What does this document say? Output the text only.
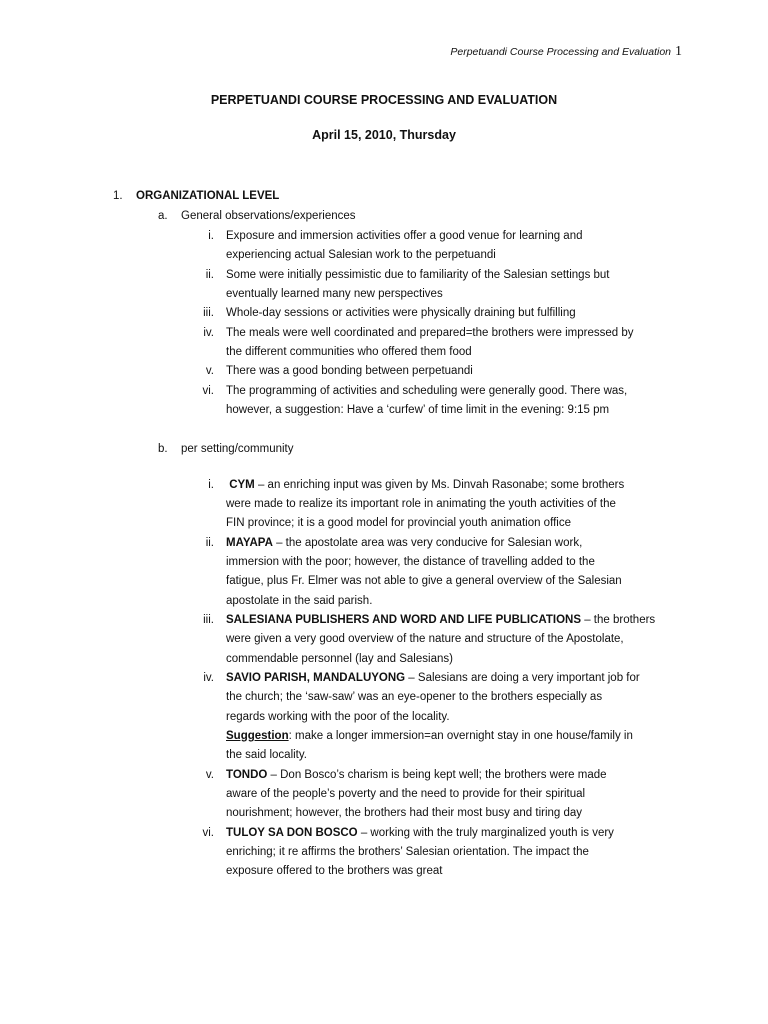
Perpetuandi Course Processing and Evaluation 1
PERPETUANDI COURSE PROCESSING AND EVALUATION
April 15, 2010, Thursday
1. ORGANIZATIONAL LEVEL
a. General observations/experiences
i. Exposure and immersion activities offer a good venue for learning and
experiencing actual Salesian work to the perpetuandi
ii. Some were initially pessimistic due to familiarity of the Salesian settings but
eventually learned many new perspectives
iii. Whole-day sessions or activities were physically draining but fulfilling
iv. The meals were well coordinated and prepared=the brothers were impressed by
the different communities who offered them food
v. There was a good bonding between perpetuandi
vi. The programming of activities and scheduling were generally good. There was,
however, a suggestion: Have a ‘curfew’ of time limit in the evening: 9:15 pm
b. per setting/community
i. CYM – an enriching input was given by Ms. Dinvah Rasonabe; some brothers
were made to realize its important role in animating the youth activities of the
FIN province; it is a good model for provincial youth animation office
ii. MAYAPA – the apostolate area was very conducive for Salesian work,
immersion with the poor; however, the distance of travelling added to the
fatigue, plus Fr. Elmer was not able to give a general overview of the Salesian
apostolate in the said parish.
iii. SALESIANA PUBLISHERS AND WORD AND LIFE PUBLICATIONS – the brothers
were given a very good overview of the nature and structure of the Apostolate,
commendable personnel (lay and Salesians)
iv. SAVIO PARISH, MANDALUYONG – Salesians are doing a very important job for
the church; the ‘saw-saw’ was an eye-opener to the brothers especially as
regards working with the poor of the locality.
Suggestion: make a longer immersion=an overnight stay in one house/family in
the said locality.
v. TONDO – Don Bosco’s charism is being kept well; the brothers were made
aware of the people’s poverty and the need to provide for their spiritual
nourishment; however, the brothers had their most busy and tiring day
vi. TULOY SA DON BOSCO – working with the truly marginalized youth is very
enriching; it re affirms the brothers’ Salesian orientation. The impact the
exposure offered to the brothers was great
